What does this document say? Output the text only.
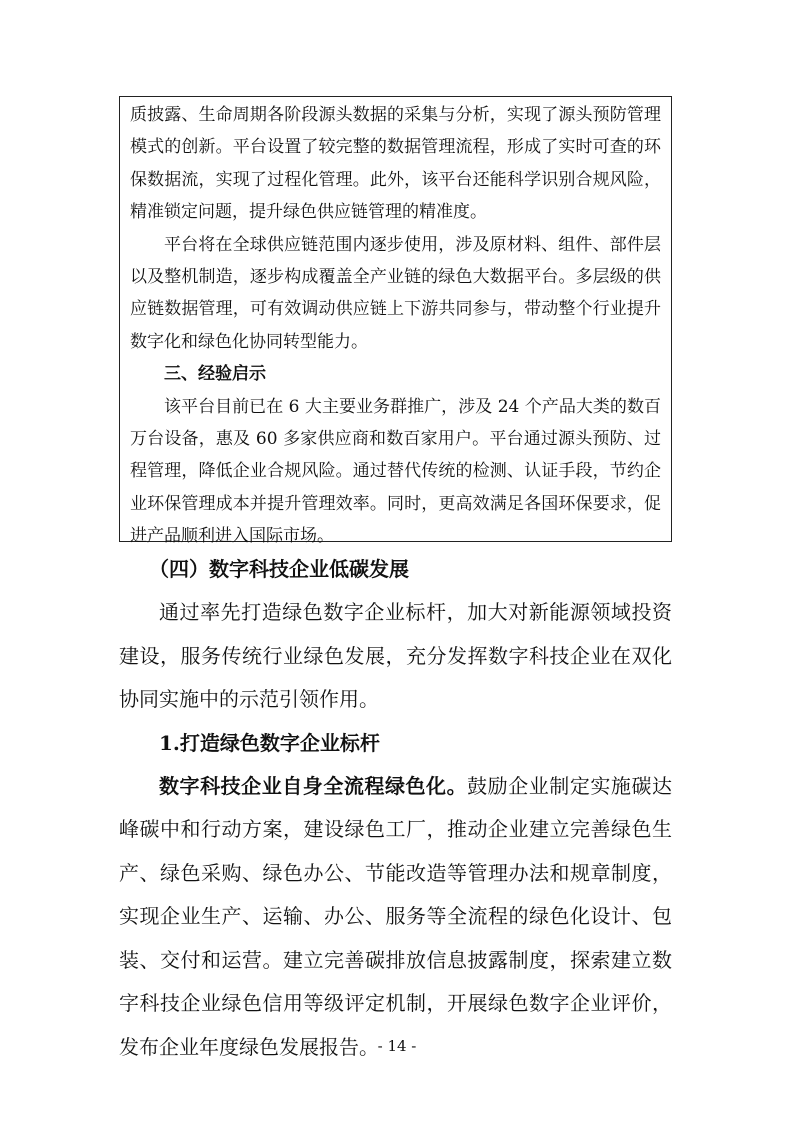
质披露、生命周期各阶段源头数据的采集与分析，实现了源头预防管理模式的创新。平台设置了较完整的数据管理流程，形成了实时可查的环保数据流，实现了过程化管理。此外，该平台还能科学识别合规风险，精准锁定问题，提升绿色供应链管理的精准度。

平台将在全球供应链范围内逐步使用，涉及原材料、组件、部件层以及整机制造，逐步构成覆盖全产业链的绿色大数据平台。多层级的供应链数据管理，可有效调动供应链上下游共同参与，带动整个行业提升数字化和绿色化协同转型能力。

三、经验启示

该平台目前已在 6 大主要业务群推广，涉及 24 个产品大类的数百万台设备，惠及 60 多家供应商和数百家用户。平台通过源头预防、过程管理，降低企业合规风险。通过替代传统的检测、认证手段，节约企业环保管理成本并提升管理效率。同时，更高效满足各国环保要求，促进产品顺利进入国际市场。

（四）数字科技企业低碳发展

通过率先打造绿色数字企业标杆，加大对新能源领域投资建设，服务传统行业绿色发展，充分发挥数字科技企业在双化协同实施中的示范引领作用。

1.打造绿色数字企业标杆

数字科技企业自身全流程绿色化。鼓励企业制定实施碳达峰碳中和行动方案，建设绿色工厂，推动企业建立完善绿色生产、绿色采购、绿色办公、节能改造等管理办法和规章制度，实现企业生产、运输、办公、服务等全流程的绿色化设计、包装、交付和运营。建立完善碳排放信息披露制度，探索建立数字科技企业绿色信用等级评定机制，开展绿色数字企业评价，发布企业年度绿色发展报告。

- 14 -
